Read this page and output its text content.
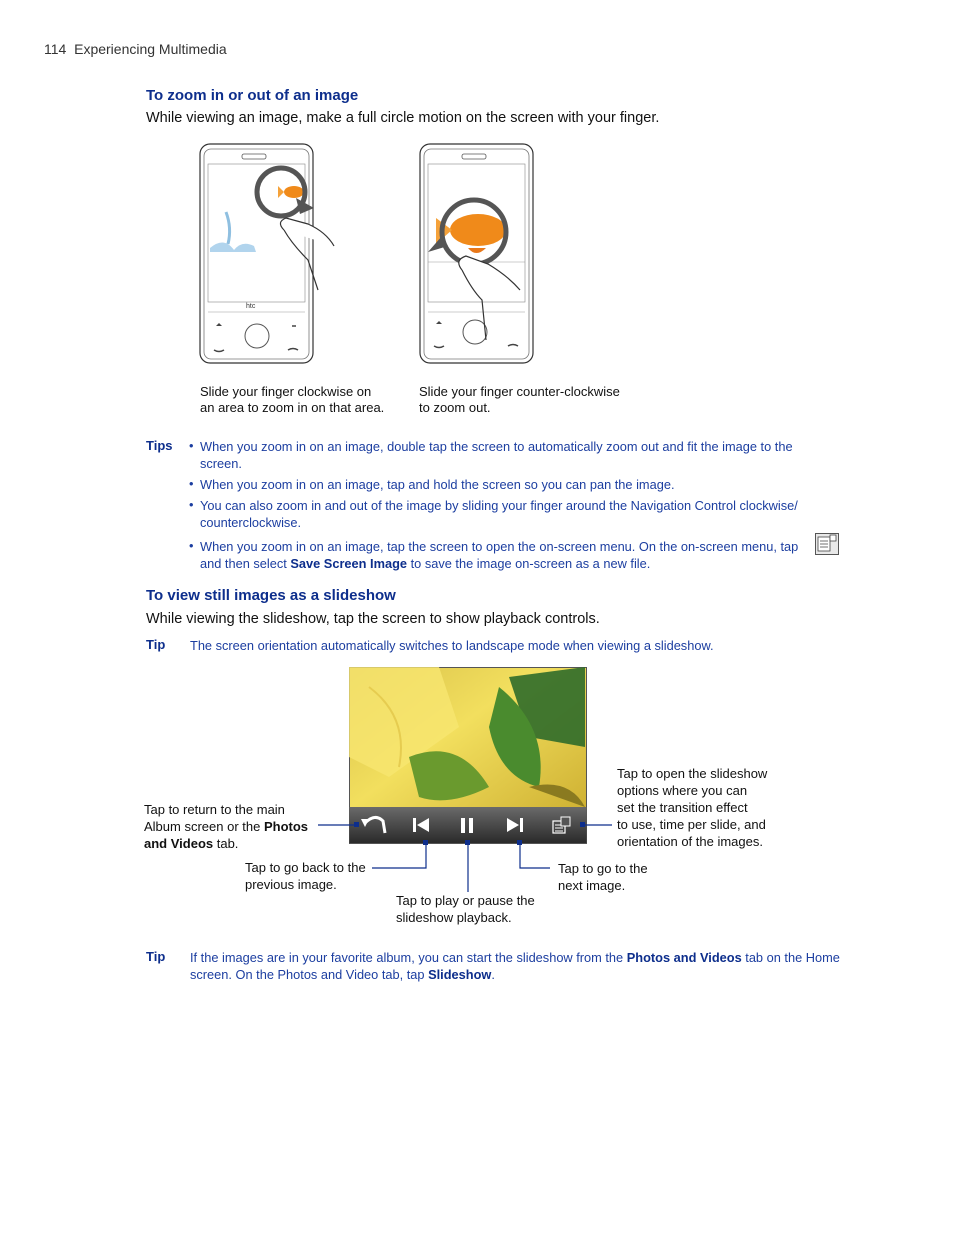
114 Experiencing Multimedia
To zoom in or out of an image
While viewing an image, make a full circle motion on the screen with your finger.
htc
Slide your finger clockwise on
an area to zoom in on that area.
Slide your finger counter-clockwise
to zoom out.
Tips • When you zoom in on an image, double tap the screen to automatically zoom out and fit the image to the
screen.
• When you zoom in on an image, tap and hold the screen so you can pan the image.
• You can also zoom in and out of the image by sliding your finger around the Navigation Control clockwise/
counterclockwise.
• When you zoom in on an image, tap the screen to open the on-screen menu. On the on-screen menu, tap
and then select Save Screen Image to save the image on-screen as a new file.
To view still images as a slideshow
While viewing the slideshow, tap the screen to show playback controls.
Tip The screen orientation automatically switches to landscape mode when viewing a slideshow.
Tap to return to the main
Album screen or the Photos
and Videos tab.
Tap to go back to the
previous image.
Tap to play or pause the
slideshow playback.
Tap to go to the
next image.
Tap to open the slideshow
options where you can
set the transition effect
to use, time per slide, and
orientation of the images.
Tip If the images are in your favorite album, you can start the slideshow from the Photos and Videos tab on the Home
screen. On the Photos and Video tab, tap Slideshow.
